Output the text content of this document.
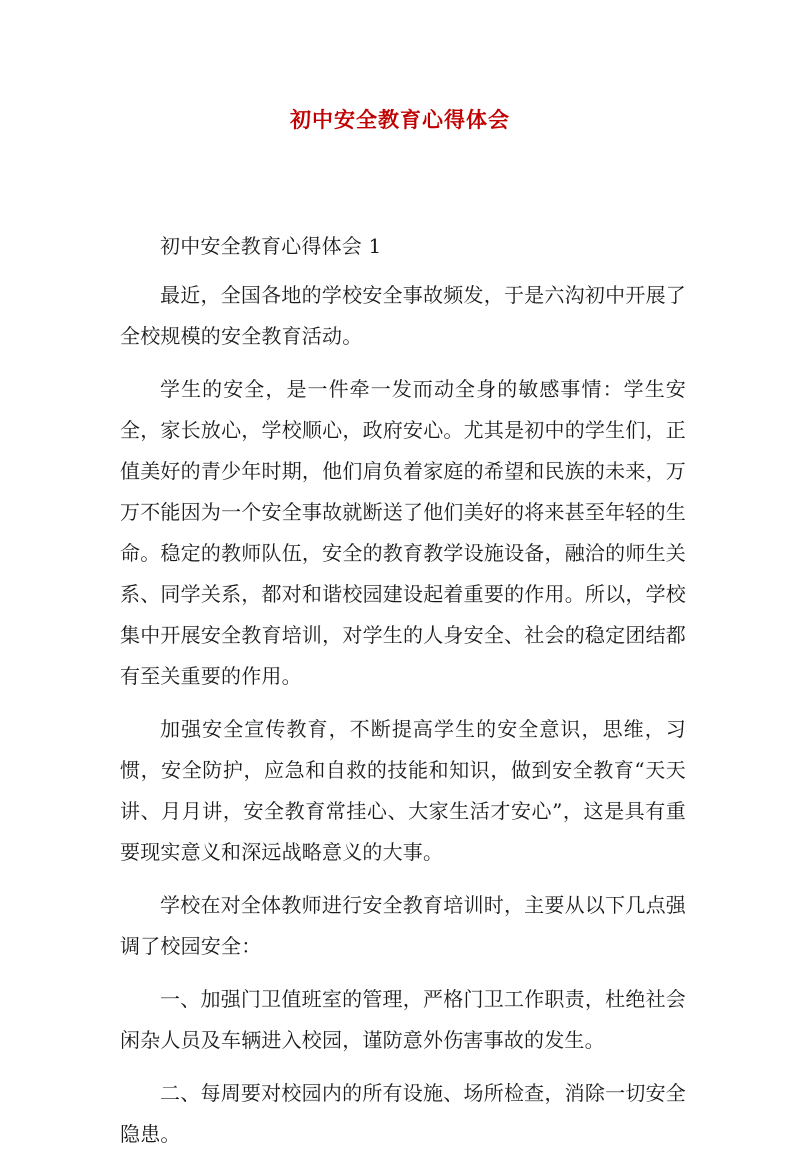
初中安全教育心得体会

初中安全教育心得体会 1

最近，全国各地的学校安全事故频发，于是六沟初中开展了全校规模的安全教育活动。

学生的安全，是一件牵一发而动全身的敏感事情：学生安全，家长放心，学校顺心，政府安心。尤其是初中的学生们，正值美好的青少年时期，他们肩负着家庭的希望和民族的未来，万万不能因为一个安全事故就断送了他们美好的将来甚至年轻的生命。稳定的教师队伍，安全的教育教学设施设备，融洽的师生关系、同学关系，都对和谐校园建设起着重要的作用。所以，学校集中开展安全教育培训，对学生的人身安全、社会的稳定团结都有至关重要的作用。

加强安全宣传教育，不断提高学生的安全意识，思维，习惯，安全防护，应急和自救的技能和知识，做到安全教育“天天讲、月月讲，安全教育常挂心、大家生活才安心”，这是具有重要现实意义和深远战略意义的大事。

学校在对全体教师进行安全教育培训时，主要从以下几点强调了校园安全：

一、加强门卫值班室的管理，严格门卫工作职责，杜绝社会闲杂人员及车辆进入校园，谨防意外伤害事故的发生。

二、每周要对校园内的所有设施、场所检查，消除一切安全隐患。
